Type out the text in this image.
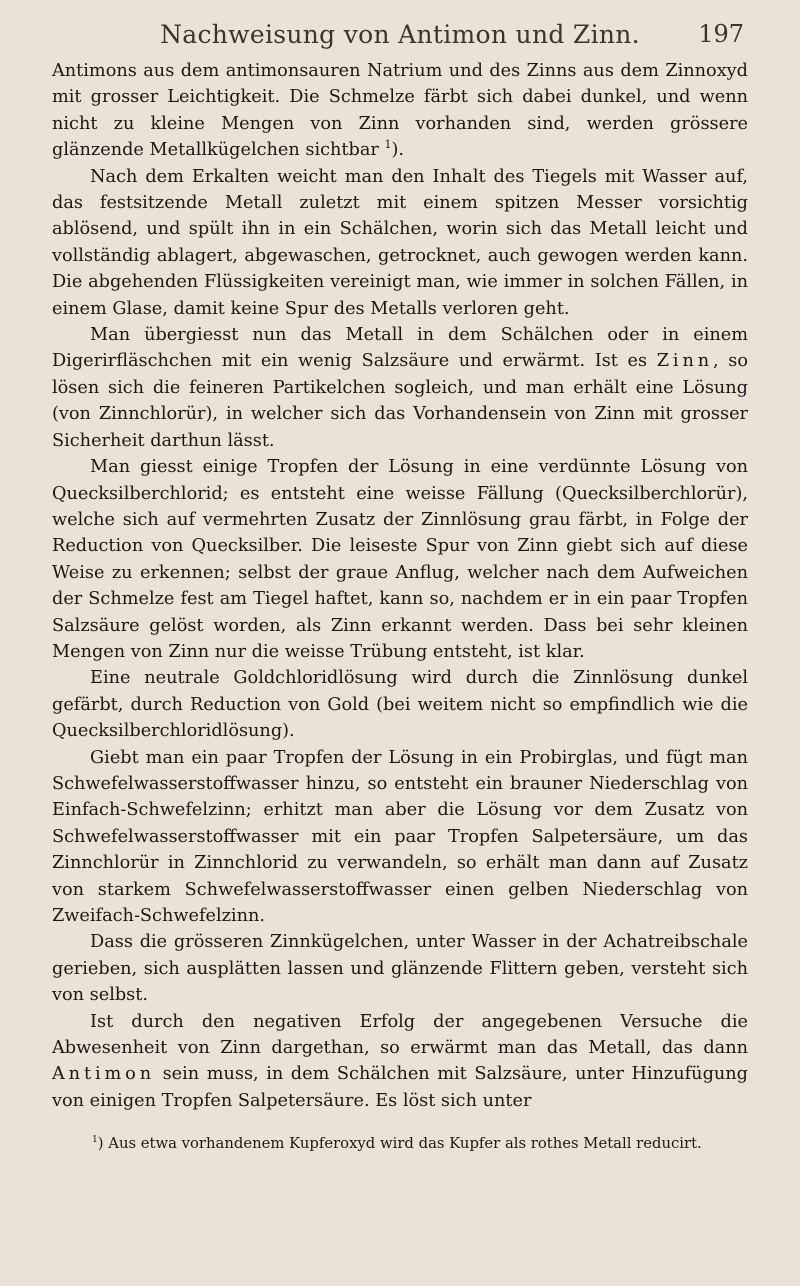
Nachweisung von Antimon und Zinn.	197

Antimons aus dem antimonsauren Natrium und des Zinns aus dem Zinnoxyd mit grosser Leichtigkeit. Die Schmelze färbt sich dabei dunkel, und wenn nicht zu kleine Mengen von Zinn vorhanden sind, werden grössere glänzende Metallkügelchen sichtbar $^1$).

Nach dem Erkalten weicht man den Inhalt des Tiegels mit Wasser auf, das festsitzende Metall zuletzt mit einem spitzen Messer vorsichtig ablösend, und spült ihn in ein Schälchen, worin sich das Metall leicht und vollständig ablagert, abgewaschen, getrocknet, auch gewogen werden kann. Die abgehenden Flüssigkeiten vereinigt man, wie immer in solchen Fällen, in einem Glase, damit keine Spur des Metalls verloren geht.

Man übergiesst nun das Metall in dem Schälchen oder in einem Digerirfläschchen mit ein wenig Salzsäure und erwärmt. Ist es Zinn, so lösen sich die feineren Partikelchen sogleich, und man erhält eine Lösung (von Zinnchlorür), in welcher sich das Vorhandensein von Zinn mit grosser Sicherheit darthun lässt.

Man giesst einige Tropfen der Lösung in eine verdünnte Lösung von Quecksilberchlorid; es entsteht eine weisse Fällung (Quecksilberchlorür), welche sich auf vermehrten Zusatz der Zinnlösung grau färbt, in Folge der Reduction von Quecksilber. Die leiseste Spur von Zinn giebt sich auf diese Weise zu erkennen; selbst der graue Anflug, welcher nach dem Aufweichen der Schmelze fest am Tiegel haftet, kann so, nachdem er in ein paar Tropfen Salzsäure gelöst worden, als Zinn erkannt werden. Dass bei sehr kleinen Mengen von Zinn nur die weisse Trübung entsteht, ist klar.

Eine neutrale Goldchloridlösung wird durch die Zinnlösung dunkel gefärbt, durch Reduction von Gold (bei weitem nicht so empfindlich wie die Quecksilberchloridlösung).

Giebt man ein paar Tropfen der Lösung in ein Probirglas, und fügt man Schwefelwasserstoffwasser hinzu, so entsteht ein brauner Niederschlag von Einfach-Schwefelzinn; erhitzt man aber die Lösung vor dem Zusatz von Schwefelwasserstoffwasser mit ein paar Tropfen Salpetersäure, um das Zinnchlorür in Zinnchlorid zu verwandeln, so erhält man dann auf Zusatz von starkem Schwefelwasserstoffwasser einen gelben Niederschlag von Zweifach-Schwefelzinn.

Dass die grösseren Zinnkügelchen, unter Wasser in der Achatreibschale gerieben, sich ausplätten lassen und glänzende Flittern geben, versteht sich von selbst.

Ist durch den negativen Erfolg der angegebenen Versuche die Abwesenheit von Zinn dargethan, so erwärmt man das Metall, das dann Antimon sein muss, in dem Schälchen mit Salzsäure, unter Hinzufügung von einigen Tropfen Salpetersäure. Es löst sich unter

$^1$) Aus etwa vorhandenem Kupferoxyd wird das Kupfer als rothes Metall reducirt.
